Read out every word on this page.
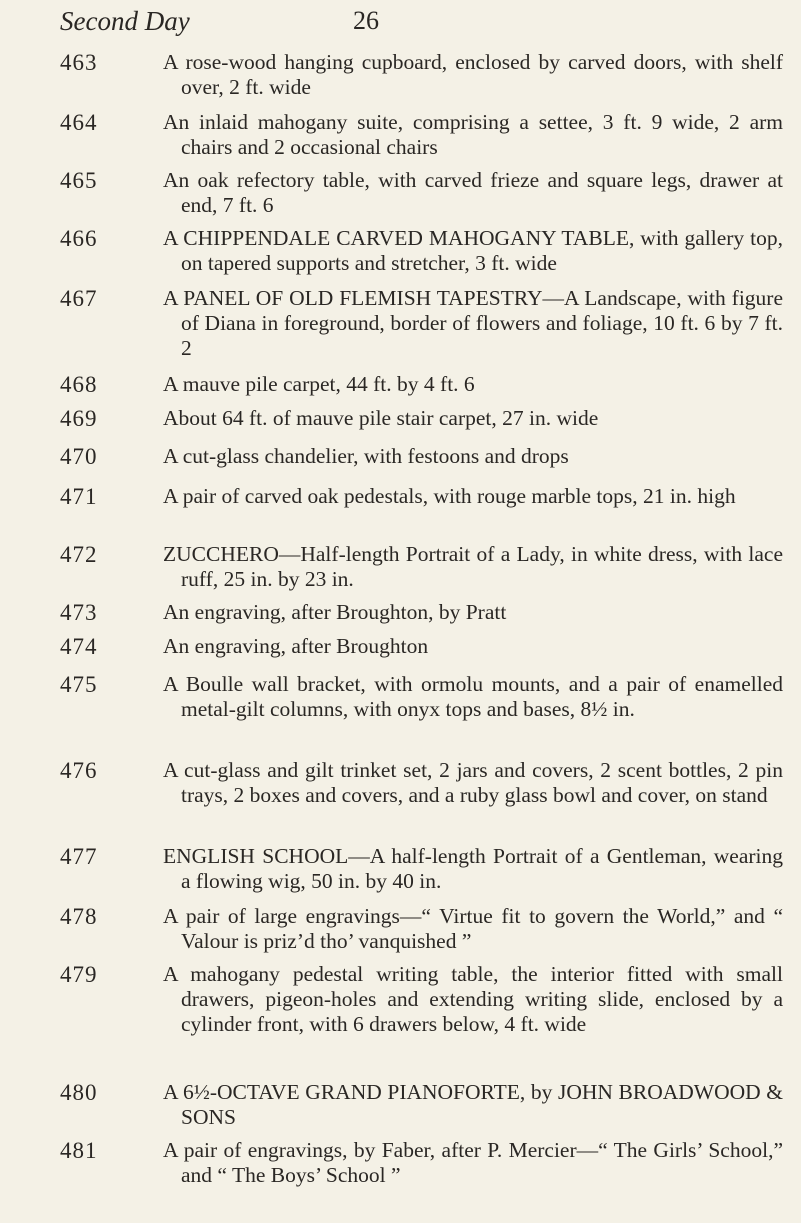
Second Day	26
463	A rose-wood hanging cupboard, enclosed by carved doors, with shelf over, 2 ft. wide
464	An inlaid mahogany suite, comprising a settee, 3 ft. 9 wide, 2 arm chairs and 2 occasional chairs
465	An oak refectory table, with carved frieze and square legs, drawer at end, 7 ft. 6
466	A CHIPPENDALE CARVED MAHOGANY TABLE, with gallery top, on tapered supports and stretcher, 3 ft. wide
467	A PANEL OF OLD FLEMISH TAPESTRY—A Landscape, with figure of Diana in foreground, border of flowers and foliage, 10 ft. 6 by 7 ft. 2
468	A mauve pile carpet, 44 ft. by 4 ft. 6
469	About 64 ft. of mauve pile stair carpet, 27 in. wide
470	A cut-glass chandelier, with festoons and drops
471	A pair of carved oak pedestals, with rouge marble tops, 21 in. high
472	ZUCCHERO—Half-length Portrait of a Lady, in white dress, with lace ruff, 25 in. by 23 in.
473	An engraving, after Broughton, by Pratt
474	An engraving, after Broughton
475	A Boulle wall bracket, with ormolu mounts, and a pair of enamelled metal-gilt columns, with onyx tops and bases, 8½ in.
476	A cut-glass and gilt trinket set, 2 jars and covers, 2 scent bottles, 2 pin trays, 2 boxes and covers, and a ruby glass bowl and cover, on stand
477	ENGLISH SCHOOL—A half-length Portrait of a Gentleman, wearing a flowing wig, 50 in. by 40 in.
478	A pair of large engravings—“ Virtue fit to govern the World,” and “ Valour is priz’d tho’ vanquished ”
479	A mahogany pedestal writing table, the interior fitted with small drawers, pigeon-holes and extending writing slide, enclosed by a cylinder front, with 6 drawers below, 4 ft. wide
480	A 6½-OCTAVE GRAND PIANOFORTE, by JOHN BROADWOOD & SONS
481	A pair of engravings, by Faber, after P. Mercier—“ The Girls’ School,” and “ The Boys’ School ”
